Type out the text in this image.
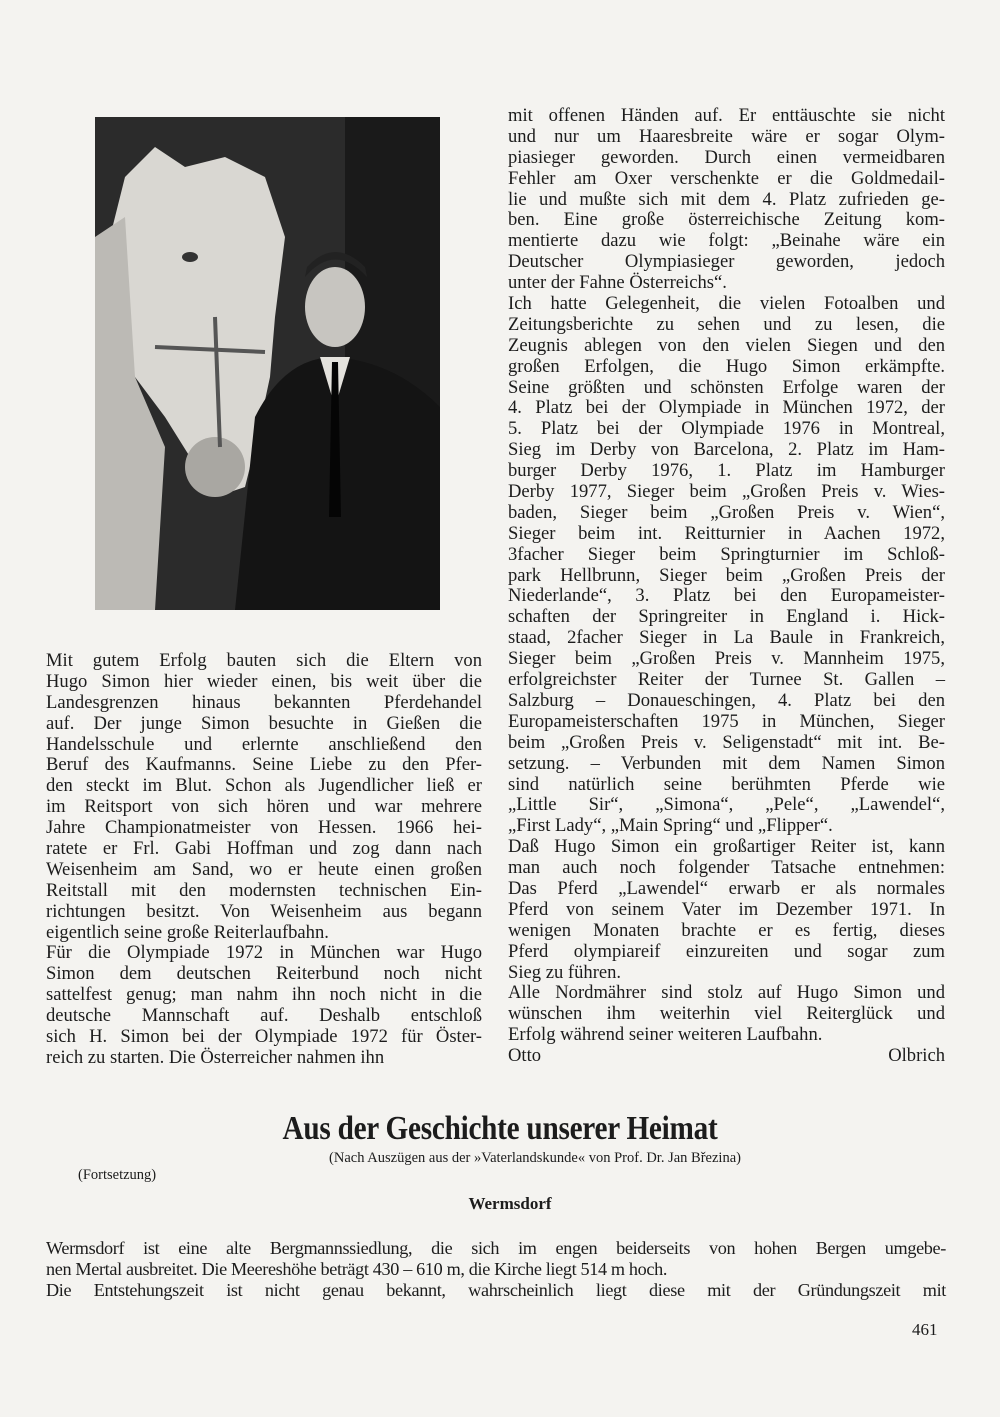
Mit gutem Erfolg bauten sich die Eltern von
Hugo Simon hier wieder einen, bis weit über die
Landesgrenzen hinaus bekannten Pferdehandel
auf. Der junge Simon besuchte in Gießen die
Handelsschule und erlernte anschließend den
Beruf des Kaufmanns. Seine Liebe zu den Pfer-
den steckt im Blut. Schon als Jugendlicher ließ er
im Reitsport von sich hören und war mehrere
Jahre Championatmeister von Hessen. 1966 hei-
ratete er Frl. Gabi Hoffman und zog dann nach
Weisenheim am Sand, wo er heute einen großen
Reitstall mit den modernsten technischen Ein-
richtungen besitzt. Von Weisenheim aus begann
eigentlich seine große Reiterlaufbahn.
Für die Olympiade 1972 in München war Hugo
Simon dem deutschen Reiterbund noch nicht
sattelfest genug; man nahm ihn noch nicht in die
deutsche Mannschaft auf. Deshalb entschloß
sich H. Simon bei der Olympiade 1972 für Öster-
reich zu starten. Die Österreicher nahmen ihn
mit offenen Händen auf. Er enttäuschte sie nicht
und nur um Haaresbreite wäre er sogar Olym-
piasieger geworden. Durch einen vermeidbaren
Fehler am Oxer verschenkte er die Goldmedail-
lie und mußte sich mit dem 4. Platz zufrieden ge-
ben. Eine große österreichische Zeitung kom-
mentierte dazu wie folgt: „Beinahe wäre ein
Deutscher Olympiasieger geworden, jedoch
unter der Fahne Österreichs“.
Ich hatte Gelegenheit, die vielen Fotoalben und
Zeitungsberichte zu sehen und zu lesen, die
Zeugnis ablegen von den vielen Siegen und den
großen Erfolgen, die Hugo Simon erkämpfte.
Seine größten und schönsten Erfolge waren der
4. Platz bei der Olympiade in München 1972, der
5. Platz bei der Olympiade 1976 in Montreal,
Sieg im Derby von Barcelona, 2. Platz im Ham-
burger Derby 1976, 1. Platz im Hamburger
Derby 1977, Sieger beim „Großen Preis v. Wies-
baden, Sieger beim „Großen Preis v. Wien“,
Sieger beim int. Reitturnier in Aachen 1972,
3facher Sieger beim Springturnier im Schloß-
park Hellbrunn, Sieger beim „Großen Preis der
Niederlande“, 3. Platz bei den Europameister-
schaften der Springreiter in England i. Hick-
staad, 2facher Sieger in La Baule in Frankreich,
Sieger beim „Großen Preis v. Mannheim 1975,
erfolgreichster Reiter der Turnee St. Gallen –
Salzburg – Donaueschingen, 4. Platz bei den
Europameisterschaften 1975 in München, Sieger
beim „Großen Preis v. Seligenstadt“ mit int. Be-
setzung. – Verbunden mit dem Namen Simon
sind natürlich seine berühmten Pferde wie
„Little Sir“, „Simona“, „Pele“, „Lawendel“,
„First Lady“, „Main Spring“ und „Flipper“.
Daß Hugo Simon ein großartiger Reiter ist, kann
man auch noch folgender Tatsache entnehmen:
Das Pferd „Lawendel“ erwarb er als normales
Pferd von seinem Vater im Dezember 1971. In
wenigen Monaten brachte er es fertig, dieses
Pferd olympiareif einzureiten und sogar zum
Sieg zu führen.
Alle Nordmährer sind stolz auf Hugo Simon und
wünschen ihm weiterhin viel Reiterglück und
Erfolg während seiner weiteren Laufbahn.
Otto Olbrich
Aus der Geschichte unserer Heimat
(Nach Auszügen aus der »Vaterlandskunde« von Prof. Dr. Jan Březina)
(Fortsetzung)
Wermsdorf
Wermsdorf ist eine alte Bergmannssiedlung, die sich im engen beiderseits von hohen Bergen umgebe-
nen Mertal ausbreitet. Die Meereshöhe beträgt 430 – 610 m, die Kirche liegt 514 m hoch.
Die Entstehungszeit ist nicht genau bekannt, wahrscheinlich liegt diese mit der Gründungszeit mit
461
